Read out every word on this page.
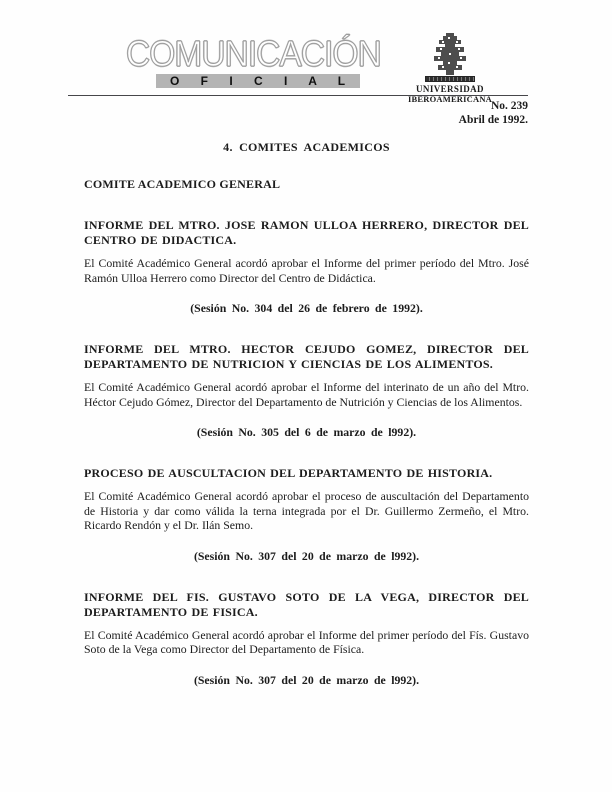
COMUNICACIÓN
O F I C I A L
UNIVERSIDAD
IBEROAMERICANA
No. 239
Abril de 1992.

4. COMITES ACADEMICOS

COMITE ACADEMICO GENERAL

INFORME DEL MTRO. JOSE RAMON ULLOA HERRERO, DIRECTOR DEL CENTRO DE DIDACTICA.

El Comité Académico General acordó aprobar el Informe del primer período del Mtro. José Ramón Ulloa Herrero como Director del Centro de Didáctica.

(Sesión No. 304 del 26 de febrero de 1992).

INFORME DEL MTRO. HECTOR CEJUDO GOMEZ, DIRECTOR DEL DEPARTAMENTO DE NUTRICION Y CIENCIAS DE LOS ALIMENTOS.

El Comité Académico General acordó aprobar el Informe del interinato de un año del Mtro. Héctor Cejudo Gómez, Director del Departamento de Nutrición y Ciencias de los Alimentos.

(Sesión No. 305 del 6 de marzo de l992).

PROCESO DE AUSCULTACION DEL DEPARTAMENTO DE HISTORIA.

El Comité Académico General acordó aprobar el proceso de auscultación del Departamento de Historia y dar como válida la terna integrada por el Dr. Guillermo Zermeño, el Mtro. Ricardo Rendón y el Dr. Ilán Semo.

(Sesión No. 307 del 20 de marzo de l992).

INFORME DEL FIS. GUSTAVO SOTO DE LA VEGA, DIRECTOR DEL DEPARTAMENTO DE FISICA.

El Comité Académico General acordó aprobar el Informe del primer período del Fís. Gustavo Soto de la Vega como Director del Departamento de Física.

(Sesión No. 307 del 20 de marzo de l992).
